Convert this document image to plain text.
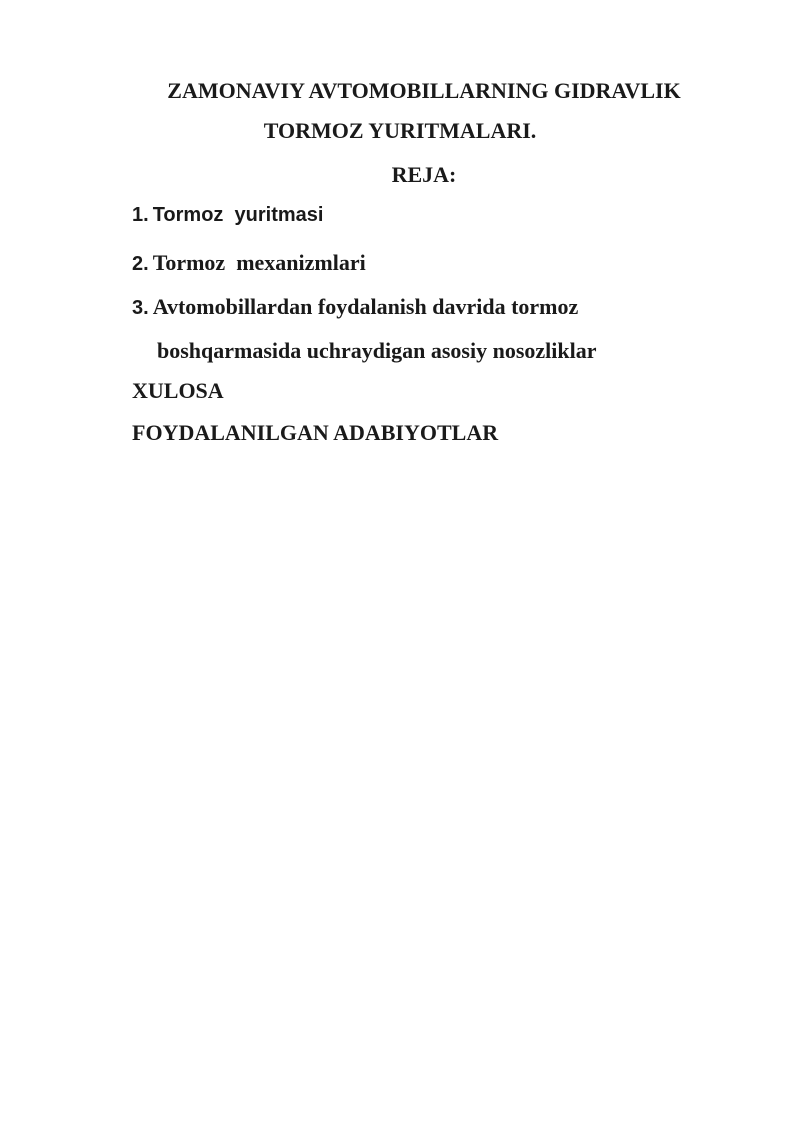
ZAMONAVIY AVTOMOBILLARNING GIDRAVLIK
TORMOZ YURITMALARI.
REJA:
1. Tormoz  yuritmasi
2. Tormoz  mexanizmlari
3. Avtomobillardan foydalanish davrida tormoz
boshqarmasida uchraydigan asosiy nosozliklar
XULOSA
FOYDALANILGAN ADABIYOTLAR
